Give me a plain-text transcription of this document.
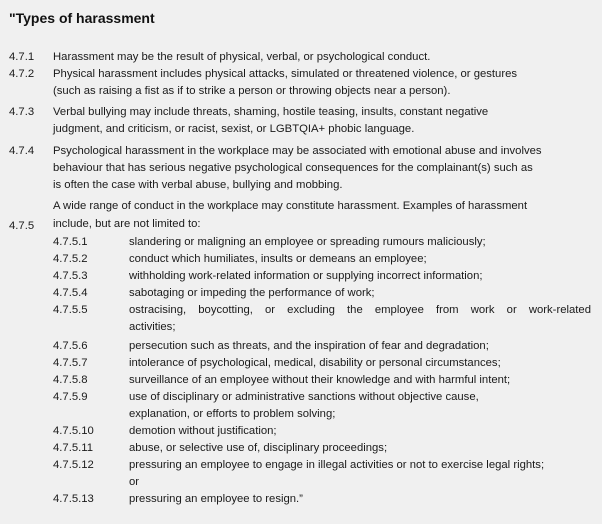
"Types of harassment
4.7.1 Harassment may be the result of physical, verbal, or psychological conduct.
4.7.2 Physical harassment includes physical attacks, simulated or threatened violence, or gestures
(such as raising a fist as if to strike a person or throwing objects near a person).
4.7.3 Verbal bullying may include threats, shaming, hostile teasing, insults, constant negative
judgment, and criticism, or racist, sexist, or LGBTQIA+ phobic language.
4.7.4 Psychological harassment in the workplace may be associated with emotional abuse and involves
behaviour that has serious negative psychological consequences for the complainant(s) such as
is often the case with verbal abuse, bullying and mobbing.
A wide range of conduct in the workplace may constitute harassment. Examples of harassment
4.7.5 include, but are not limited to:
4.7.5.1	slandering or maligning an employee or spreading rumours maliciously;
4.7.5.2	conduct which humiliates, insults or demeans an employee;
4.7.5.3	withholding work-related information or supplying incorrect information;
4.7.5.4	sabotaging or impeding the performance of work;
4.7.5.5	ostracising, boycotting, or excluding the employee from work or work-related
activities;
4.7.5.6	persecution such as threats, and the inspiration of fear and degradation;
4.7.5.7	intolerance of psychological, medical, disability or personal circumstances;
4.7.5.8	surveillance of an employee without their knowledge and with harmful intent;
4.7.5.9	use of disciplinary or administrative sanctions without objective cause,
explanation, or efforts to problem solving;
4.7.5.10	demotion without justification;
4.7.5.11	abuse, or selective use of, disciplinary proceedings;
4.7.5.12	pressuring an employee to engage in illegal activities or not to exercise legal rights;
or
4.7.5.13	pressuring an employee to resign.”
